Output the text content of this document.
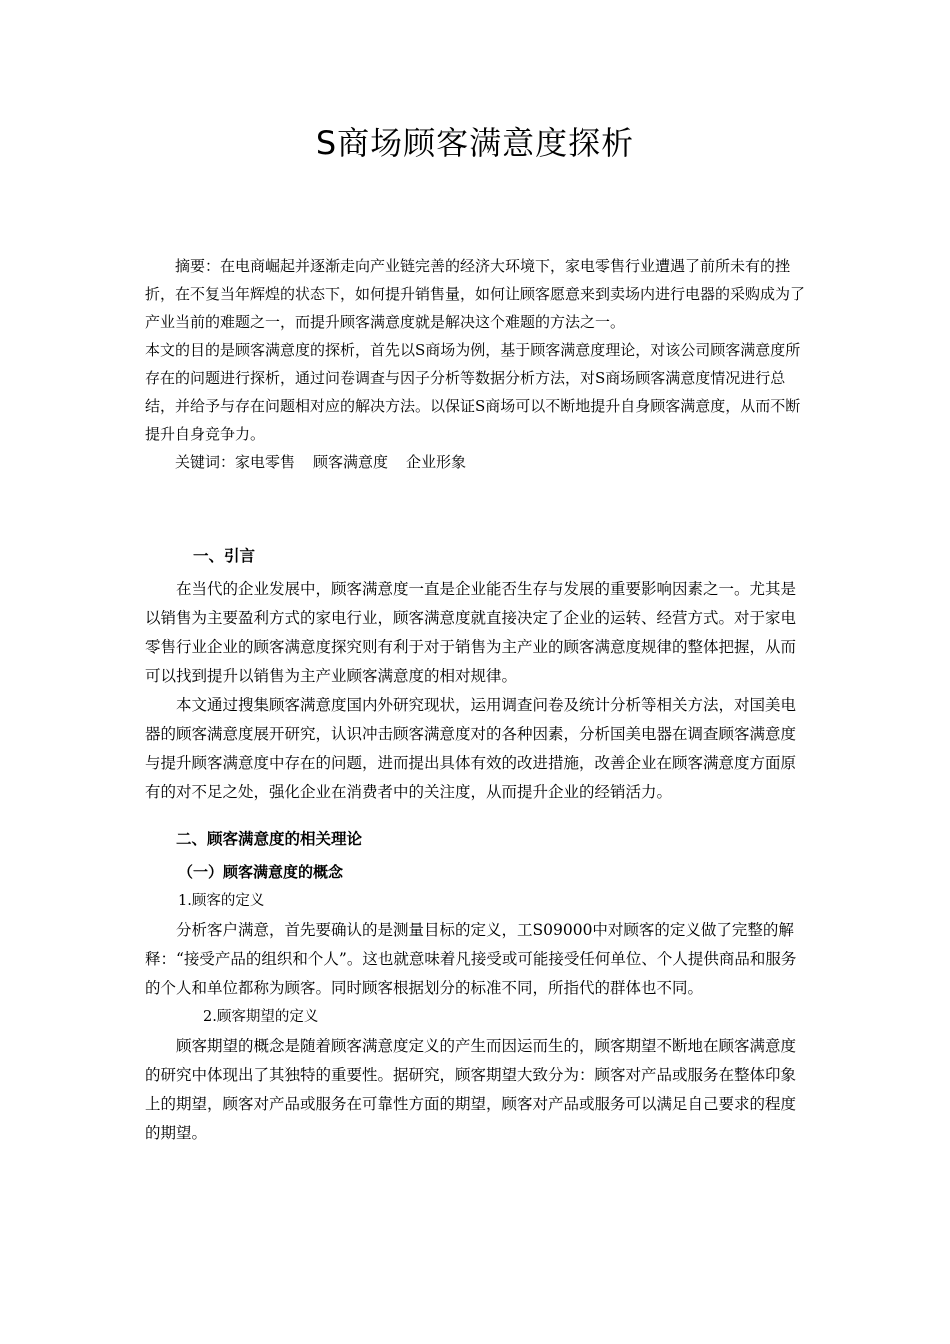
S商场顾客满意度探析

摘要：在电商崛起并逐渐走向产业链完善的经济大环境下，家电零售行业遭遇了前所未有的挫折，在不复当年辉煌的状态下，如何提升销售量，如何让顾客愿意来到卖场内进行电器的采购成为了产业当前的难题之一，而提升顾客满意度就是解决这个难题的方法之一。

本文的目的是顾客满意度的探析，首先以S商场为例，基于顾客满意度理论，对该公司顾客满意度所存在的问题进行探析，通过问卷调查与因子分析等数据分析方法，对S商场顾客满意度情况进行总结，并给予与存在问题相对应的解决方法。以保证S商场可以不断地提升自身顾客满意度，从而不断提升自身竞争力。

关键词：家电零售 顾客满意度 企业形象

一、引言

在当代的企业发展中，顾客满意度一直是企业能否生存与发展的重要影响因素之一。尤其是以销售为主要盈利方式的家电行业，顾客满意度就直接决定了企业的运转、经营方式。对于家电零售行业企业的顾客满意度探究则有利于对于销售为主产业的顾客满意度规律的整体把握，从而可以找到提升以销售为主产业顾客满意度的相对规律。

本文通过搜集顾客满意度国内外研究现状，运用调查问卷及统计分析等相关方法，对国美电器的顾客满意度展开研究，认识冲击顾客满意度对的各种因素，分析国美电器在调查顾客满意度与提升顾客满意度中存在的问题，进而提出具体有效的改进措施，改善企业在顾客满意度方面原有的对不足之处，强化企业在消费者中的关注度，从而提升企业的经销活力。

二、顾客满意度的相关理论

（一）顾客满意度的概念

1.顾客的定义

分析客户满意，首先要确认的是测量目标的定义，工S09000中对顾客的定义做了完整的解释：“接受产品的组织和个人”。这也就意味着凡接受或可能接受任何单位、个人提供商品和服务的个人和单位都称为顾客。同时顾客根据划分的标准不同，所指代的群体也不同。

2.顾客期望的定义

顾客期望的概念是随着顾客满意度定义的产生而因运而生的，顾客期望不断地在顾客满意度的研究中体现出了其独特的重要性。据研究，顾客期望大致分为：顾客对产品或服务在整体印象上的期望，顾客对产品或服务在可靠性方面的期望，顾客对产品或服务可以满足自己要求的程度的期望。
